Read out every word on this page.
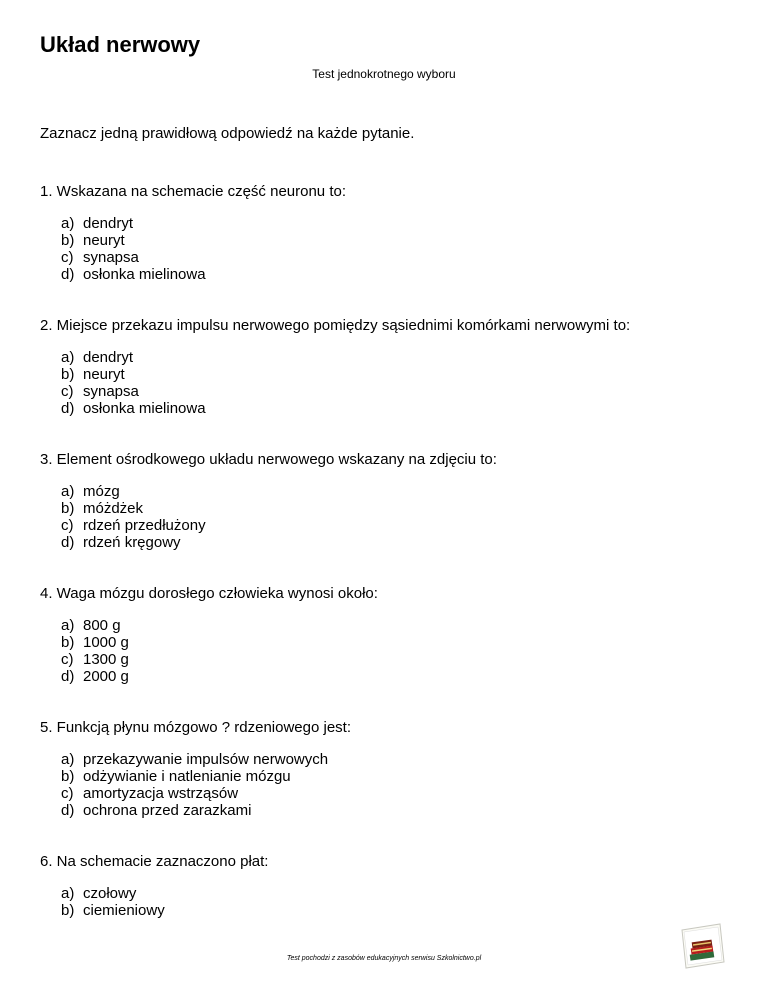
Układ nerwowy
Test jednokrotnego wyboru
Zaznacz jedną prawidłową odpowiedź na każde pytanie.
1. Wskazana na schemacie część neuronu to:
a) dendryt
b) neuryt
c) synapsa
d) osłonka mielinowa
2. Miejsce przekazu impulsu nerwowego pomiędzy sąsiednimi komórkami nerwowymi to:
a) dendryt
b) neuryt
c) synapsa
d) osłonka mielinowa
3. Element ośrodkowego układu nerwowego wskazany na zdjęciu to:
a) mózg
b) móżdżek
c) rdzeń przedłużony
d) rdzeń kręgowy
4. Waga mózgu dorosłego człowieka wynosi około:
a) 800 g
b) 1000 g
c) 1300 g
d) 2000 g
5. Funkcją płynu mózgowo ? rdzeniowego jest:
a) przekazywanie impulsów nerwowych
b) odżywianie i natlenianie mózgu
c) amortyzacja wstrząsów
d) ochrona przed zarazkami
6. Na schemacie zaznaczono płat:
a) czołowy
b) ciemieniowy
Test pochodzi z zasobów edukacyjnych serwisu Szkolnictwo.pl
